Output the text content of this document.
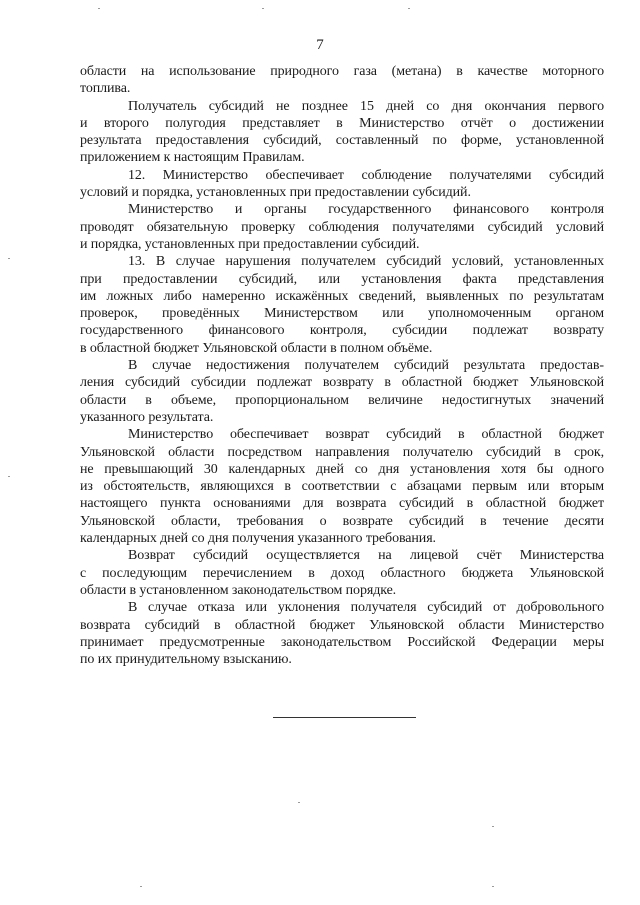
7

области на использование природного газа (метана) в качестве моторного
топлива.

Получатель субсидий не позднее 15 дней со дня окончания первого
и второго полугодия представляет в Министерство отчёт о достижении
результата предоставления субсидий, составленный по форме, установленной
приложением к настоящим Правилам.

12. Министерство обеспечивает соблюдение получателями субсидий
условий и порядка, установленных при предоставлении субсидий.

Министерство и органы государственного финансового контроля
проводят обязательную проверку соблюдения получателями субсидий условий
и порядка, установленных при предоставлении субсидий.

13. В случае нарушения получателем субсидий условий, установленных
при предоставлении субсидий, или установления факта представления
им ложных либо намеренно искажённых сведений, выявленных по результатам
проверок, проведённых Министерством или уполномоченным органом
государственного финансового контроля, субсидии подлежат возврату
в областной бюджет Ульяновской области в полном объёме.

В случае недостижения получателем субсидий результата предостав-
ления субсидий субсидии подлежат возврату в областной бюджет Ульяновской
области в объеме, пропорциональном величине недостигнутых значений
указанного результата.

Министерство обеспечивает возврат субсидий в областной бюджет
Ульяновской области посредством направления получателю субсидий в срок,
не превышающий 30 календарных дней со дня установления хотя бы одного
из обстоятельств, являющихся в соответствии с абзацами первым или вторым
настоящего пункта основаниями для возврата субсидий в областной бюджет
Ульяновской области, требования о возврате субсидий в течение десяти
календарных дней со дня получения указанного требования.

Возврат субсидий осуществляется на лицевой счёт Министерства
с последующим перечислением в доход областного бюджета Ульяновской
области в установленном законодательством порядке.

В случае отказа или уклонения получателя субсидий от добровольного
возврата субсидий в областной бюджет Ульяновской области Министерство
принимает предусмотренные законодательством Российской Федерации меры
по их принудительному взысканию.
